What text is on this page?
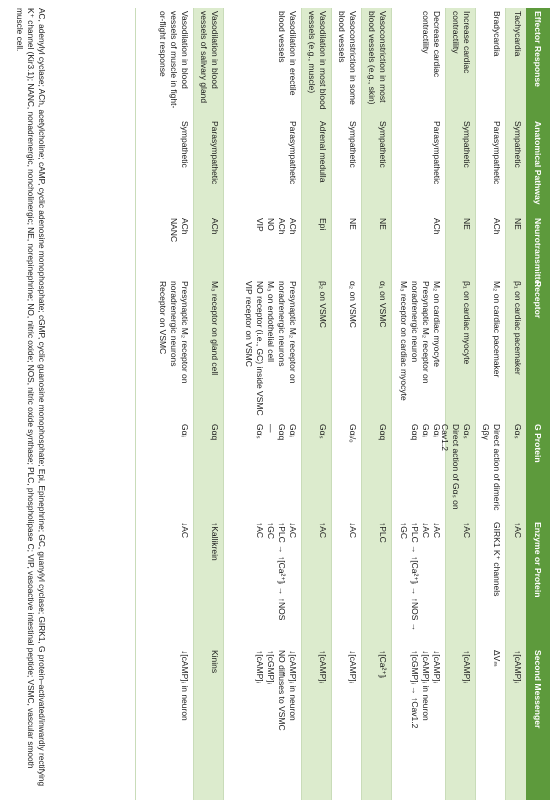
Effector Response
Anatomical Pathway
Neurotransmitter
Receptor
G Protein
Enzyme or Protein
Second Messenger
Tachycardia
Sympathetic
NE
β₁ on cardiac pacemaker
Gαₛ
↑AC
↑[cAMP]ᵢ
Bradycardia
Parasympathetic
ACh
M₂ on cardiac pacemaker
Direct action of dimeric Gβγ
GIRK1 K⁺ channels
ΔVₘ
Increase cardiac contractility
Sympathetic
NE
β₁ on cardiac myocyte
Gαₛ
Direct action of Gαₛ on Cav1.2
↑AC
↑[cAMP]ᵢ
Decrease cardiac contractility
Parasympathetic
ACh
M₂ on cardiac myocyte
Presynaptic M₂ receptor on noradrenergic neuron
M₃ receptor on cardiac myocyte
Gαᵢ
Gαᵢ
Gαq
↓AC
↓AC
↑PLC → ↑[Ca²⁺]ᵢ → ↑NOS → ↑GC
↓[cAMP]ᵢ
↓[cAMP]ᵢ in neuron
↑[cGMP]ᵢ → ↑Cav1.2
Vasoconstriction in most blood vessels (e.g., skin)
Sympathetic
NE
α₁ on VSMC
Gαq
↑PLC
↑[Ca²⁺]ᵢ
Vasoconstriction in some blood vessels
Sympathetic
NE
α₂ on VSMC
Gαᵢ/ₒ
↓AC
↓[cAMP]ᵢ
Vasodilation in most blood vessels (e.g., muscle)
Adrenal medulla
Epi
β₂ on VSMC
Gαₛ
↑AC
↑[cAMP]ᵢ
Vasodilation in erectile blood vessels
Parasympathetic
ACh
ACh
NO
VIP
Presynaptic M₂ receptor on noradrenergic neurons
M₃ on endothelial cell
NO receptor (i.e., GC) inside VSMC
VIP receptor on VSMC
Gαᵢ
Gαq
—
Gαₛ
↓AC
↑PLC → ↑[Ca²⁺]ᵢ → ↑NOS
↑GC
↑AC
↓[cAMP]ᵢ in neuron
NO diffuses to VSMC
↑[cGMP]ᵢ
↑[cAMP]ᵢ
Vasodilation in blood vessels of salivary gland
Parasympathetic
ACh
M₃ receptor on gland cell
Gαq
↑Kallikrein
Kinins
Vasodilation in blood vessels of muscle in fight-or-flight response
Sympathetic
ACh
NANC
Presynaptic M₂ receptor on noradrenergic neurons
Receptor on VSMC
Gαᵢ
↓AC
↓[cAMP]ᵢ in neuron
AC, adenylyl cyclase; ACh, acetylcholine; cAMP, cyclic adenosine monophosphate; cGMP, cyclic guanosine monophosphate; Epi, Epinephrine; GC, guanylyl cyclase; GIRK1, G protein–activated/inwardly rectifying K⁺ channel (Kir3.1); NANC, nonadrenergic, noncholinergic; NE, norepinephrine; NO, nitric oxide; NOS, nitric oxide synthase; PLC, phospholipase C; VIP, vasoactive intestinal peptide; VSMC, vascular smooth muscle cell.
